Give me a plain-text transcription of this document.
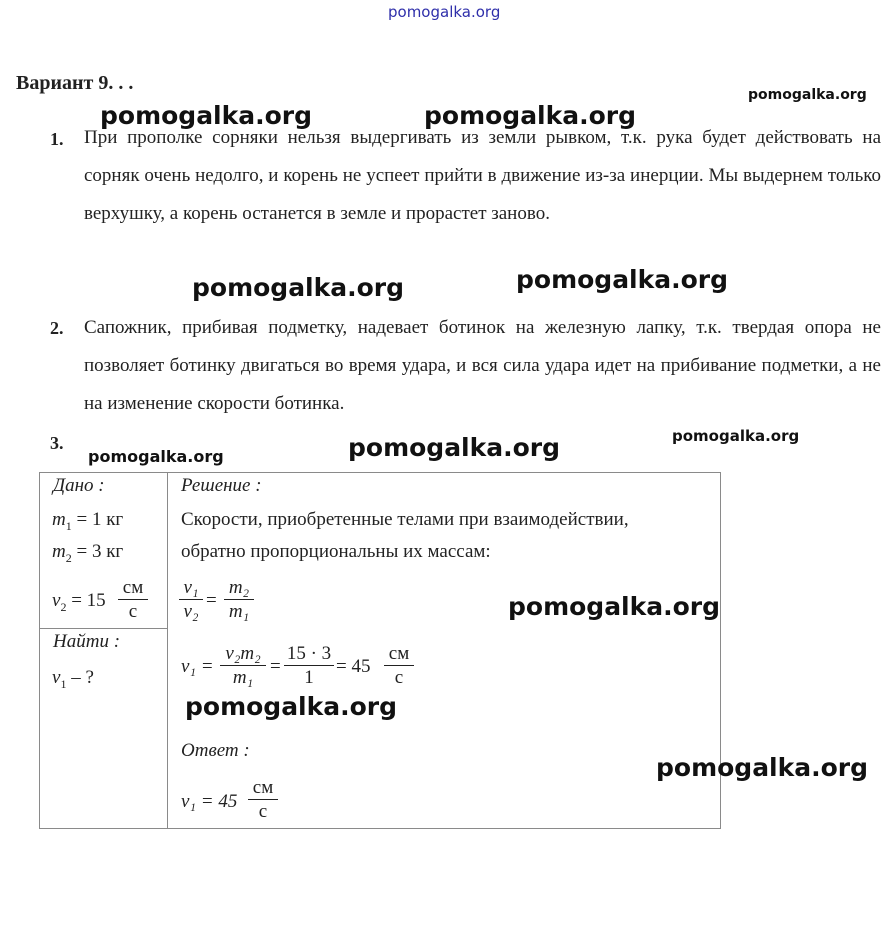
pomogalka.org
Вариант 9. . .
pomogalka.org	pomogalka.org
pomogalka.org
1. При прополке сорняки нельзя выдергивать из земли рывком, т.к. рука будет действовать на сорняк очень недолго, и корень не успеет прийти в движение из-за инерции. Мы выдернем только верхушку, а корень останется в земле и прорастет заново.
pomogalka.org	pomogalka.org
2. Сапожник, прибивая подметку, надевает ботинок на железную лапку, т.к. твердая опора не позволяет ботинку двигаться во время удара, и вся сила удара идет на прибивание подметки, а не на изменение скорости ботинка.
3.
pomogalka.org	pomogalka.org	pomogalka.org
Дано :
$m_1 = 1$ кг
$m_2 = 3$ кг
$v_2 = 15$
см
с
Найти :
$v_1$ – ?
Решение :
Скорости, приобретенные телами при взаимодействии,
обратно пропорциональны их массам:
$\frac{\text{v₁}}{\text{v₂}} = \frac{\text{m₂}}{\text{m₁}}$
$v_1 = \frac{\text{v₂m₂}}{\text{m₁}} = \frac{15 \cdot 3}{1} = 45$
см
с
Ответ :
v₁ = 45
см
с
pomogalka.org
pomogalka.org
pomogalka.org
